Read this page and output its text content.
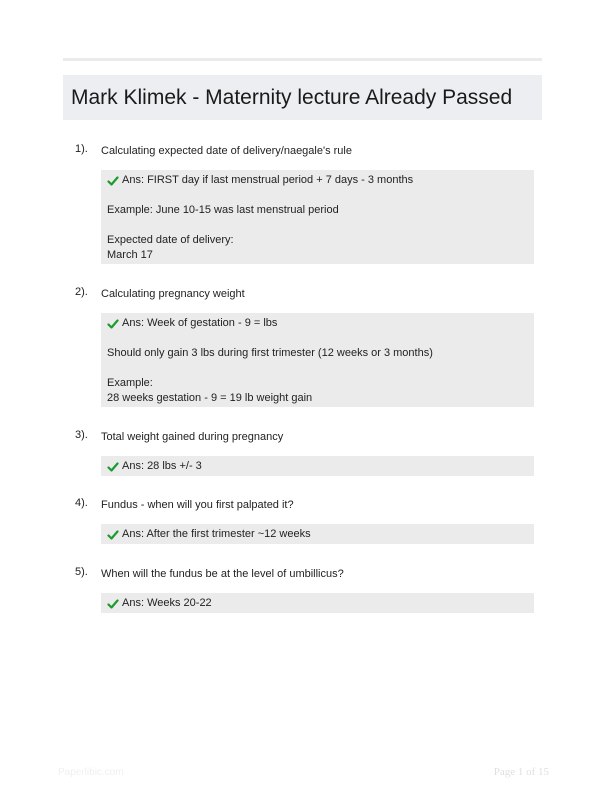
Mark Klimek - Maternity lecture Already Passed
1). Calculating expected date of delivery/naegale's rule
Ans: FIRST day if last menstrual period + 7 days - 3 months
Example: June 10-15 was last menstrual period
Expected date of delivery:
March 17
2). Calculating pregnancy weight
Ans: Week of gestation - 9 = lbs
Should only gain 3 lbs during first trimester (12 weeks or 3 months)
Example:
28 weeks gestation - 9 = 19 lb weight gain
3). Total weight gained during pregnancy
Ans: 28 lbs +/- 3
4). Fundus - when will you first palpated it?
Ans: After the first trimester ~12 weeks
5). When will the fundus be at the level of umbillicus?
Ans: Weeks 20-22
Paperlibic.com	Page 1 of 15
